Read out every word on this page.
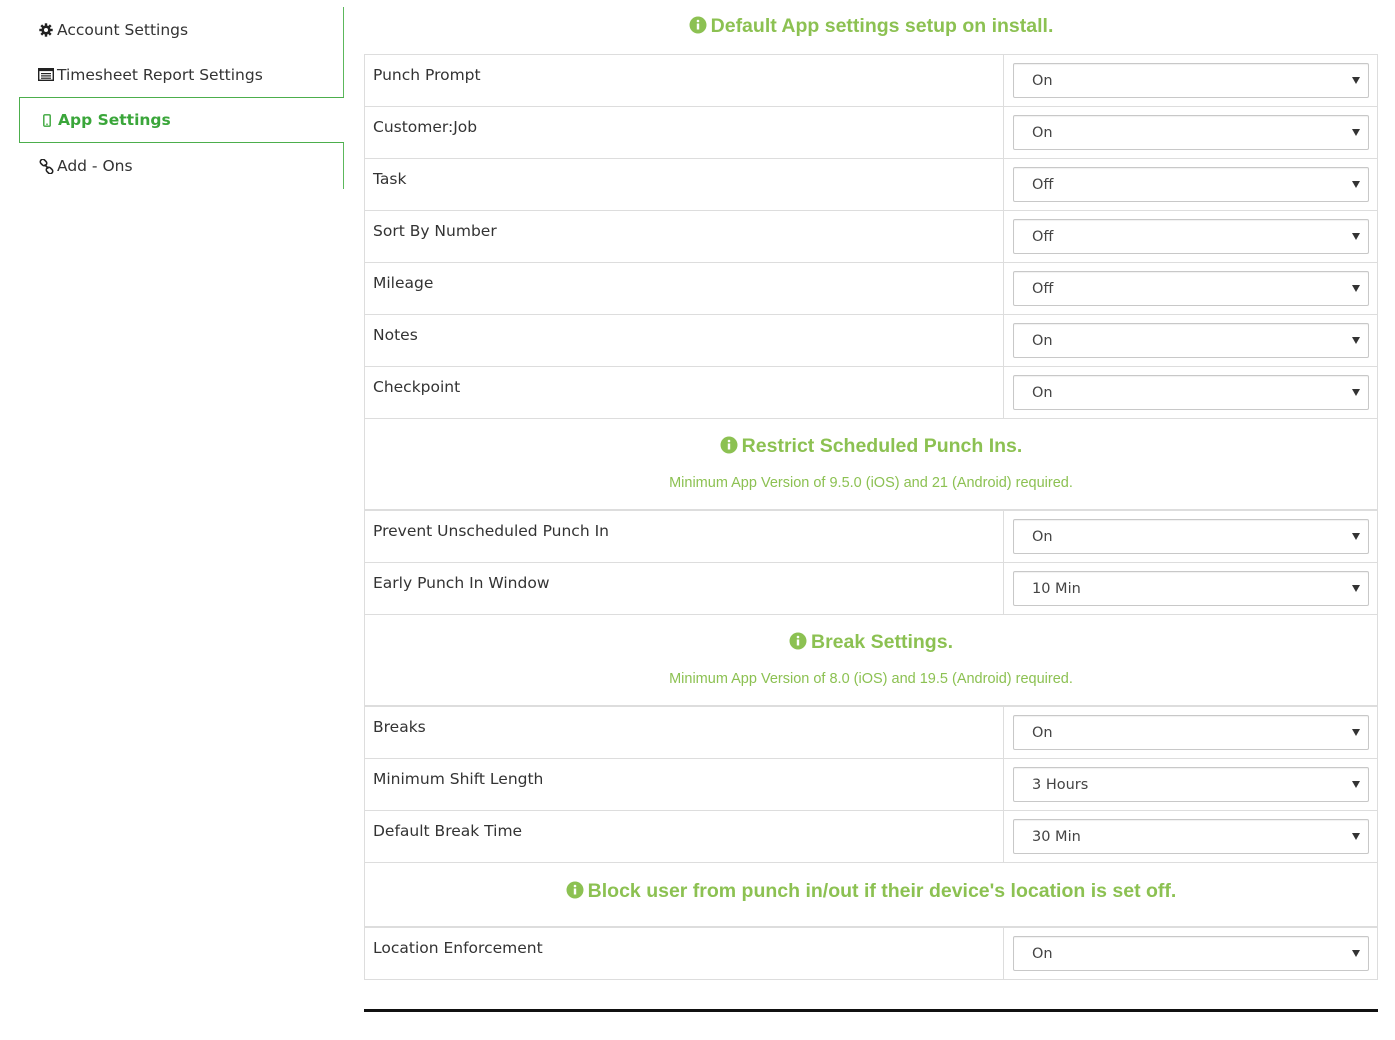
Account Settings
Timesheet Report Settings
App Settings
Add - Ons
Default App settings setup on install.
Punch Prompt	On

Customer:Job	On

Task	Off

Sort By Number	Off

Mileage	Off

Notes	On

Checkpoint	On
Restrict Scheduled Punch Ins.
Minimum App Version of 9.5.0 (iOS) and 21 (Android) required.
Prevent Unscheduled Punch In	On

Early Punch In Window	10 Min
Break Settings.
Minimum App Version of 8.0 (iOS) and 19.5 (Android) required.
Breaks	On

Minimum Shift Length	3 Hours

Default Break Time	30 Min
Block user from punch in/out if their device's location is set off.
Location Enforcement	On
